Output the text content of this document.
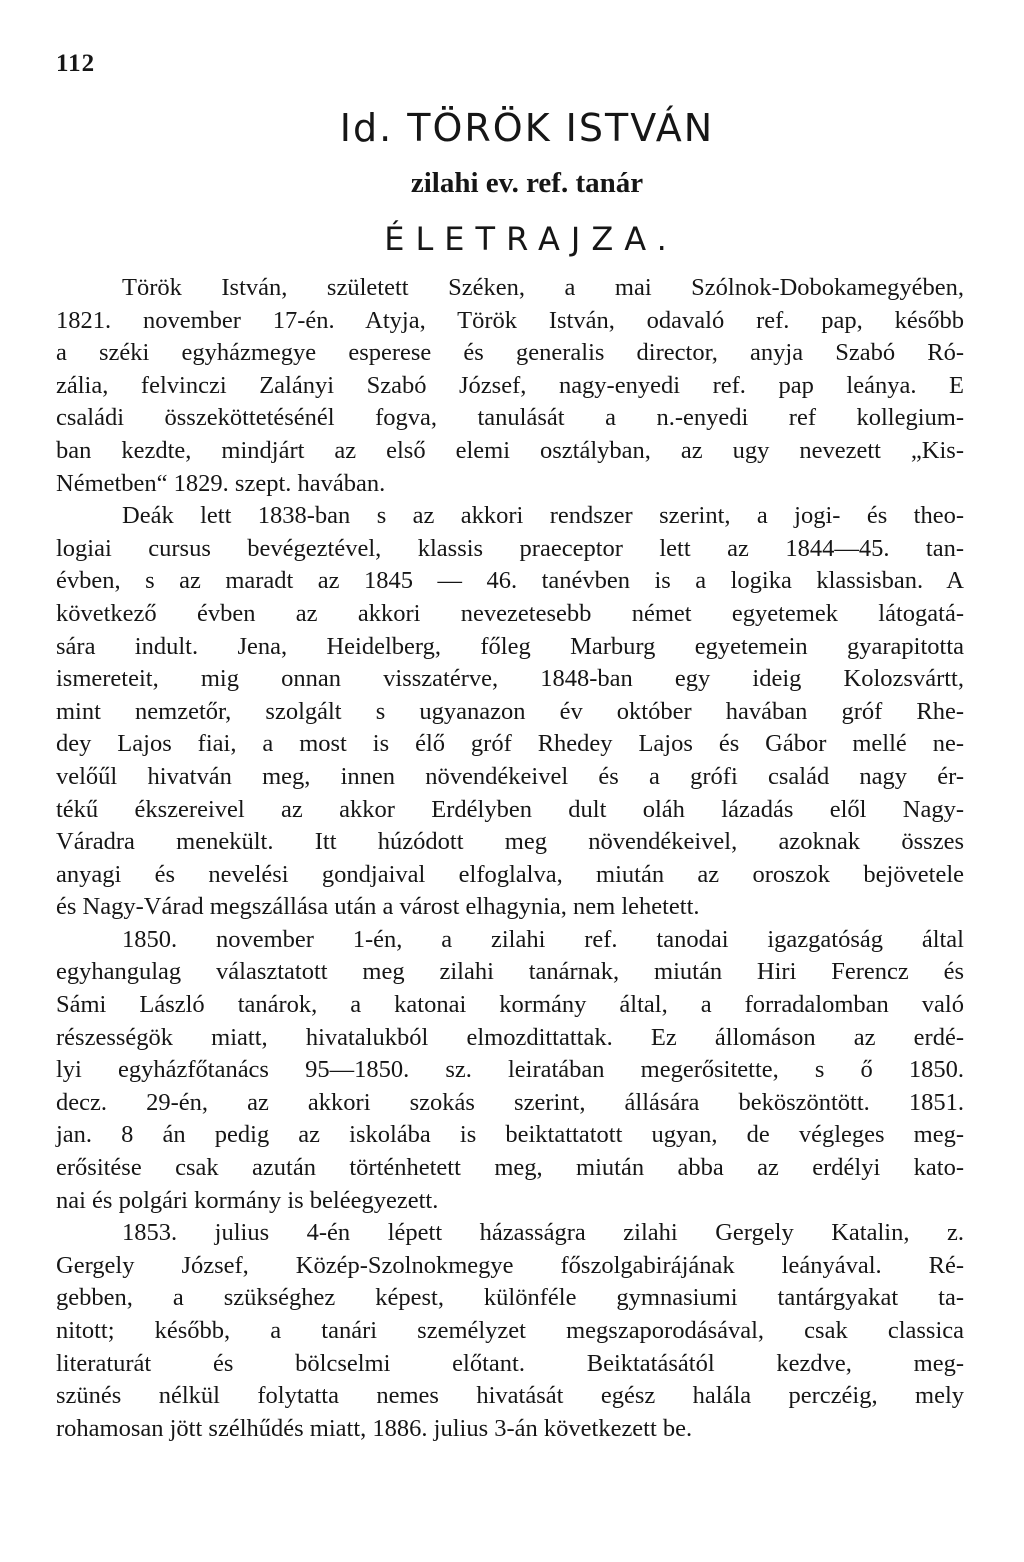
112
Id. TÖRÖK ISTVÁN
zilahi ev. ref. tanár
ÉLETRAJZA.
Török István, született Széken, a mai Szólnok-Dobokamegyében,
1821. november 17-én. Atyja, Török István, odavaló ref. pap, később
a széki egyházmegye esperese és generalis director, anyja Szabó Ró-
zália, felvinczi Zalányi Szabó József, nagy-enyedi ref. pap leánya. E
családi összeköttetésénél fogva, tanulását a n.-enyedi ref kollegium-
ban kezdte, mindjárt az első elemi osztályban, az ugy nevezett „Kis-
Németben“ 1829. szept. havában.
Deák lett 1838-ban s az akkori rendszer szerint, a jogi- és theo-
logiai cursus bevégeztével, klassis praeceptor lett az 1844—45. tan-
évben, s az maradt az 1845 — 46. tanévben is a logika klassisban. A
következő évben az akkori nevezetesebb német egyetemek látogatá-
sára indult. Jena, Heidelberg, főleg Marburg egyetemein gyarapitotta
ismereteit, mig onnan visszatérve, 1848-ban egy ideig Kolozsvártt,
mint nemzetőr, szolgált s ugyanazon év október havában gróf Rhe-
dey Lajos fiai, a most is élő gróf Rhedey Lajos és Gábor mellé ne-
velőűl hivatván meg, innen növendékeivel és a grófi család nagy ér-
tékű ékszereivel az akkor Erdélyben dult oláh lázadás elől Nagy-
Váradra menekült. Itt húzódott meg növendékeivel, azoknak összes
anyagi és nevelési gondjaival elfoglalva, miután az oroszok bejövetele
és Nagy-Várad megszállása után a várost elhagynia, nem lehetett.
1850. november 1-én, a zilahi ref. tanodai igazgatóság által
egyhangulag választatott meg zilahi tanárnak, miután Hiri Ferencz és
Sámi László tanárok, a katonai kormány által, a forradalomban való
részességök miatt, hivatalukból elmozdittattak. Ez állomáson az erdé-
lyi egyházfőtanács 95—1850. sz. leiratában megerősitette, s ő 1850.
decz. 29-én, az akkori szokás szerint, állására beköszöntött. 1851.
jan. 8 án pedig az iskolába is beiktattatott ugyan, de végleges meg-
erősitése csak azután történhetett meg, miután abba az erdélyi kato-
nai és polgári kormány is beléegyezett.
1853. julius 4-én lépett házasságra zilahi Gergely Katalin, z.
Gergely József, Közép-Szolnokmegye főszolgabirájának leányával. Ré-
gebben, a szükséghez képest, különféle gymnasiumi tantárgyakat ta-
nitott; később, a tanári személyzet megszaporodásával, csak classica
literaturát és bölcselmi előtant. Beiktatásától kezdve, meg-
szünés nélkül folytatta nemes hivatását egész halála perczéig, mely
rohamosan jött szélhűdés miatt, 1886. julius 3-án következett be.
